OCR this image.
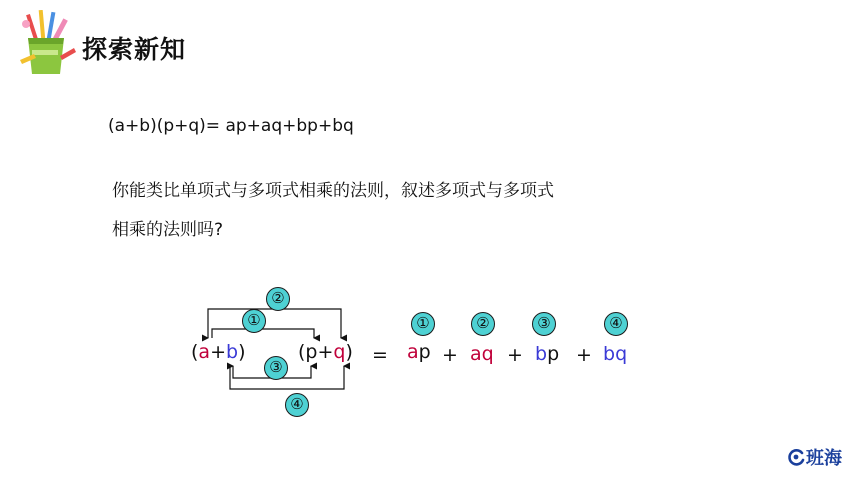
探索新知
(a+b)(p+q)= ap+aq+bp+bq
你能类比单项式与多项式相乘的法则，叙述多项式与多项式
相乘的法则吗?
(a+b)	(p+q) = ap + aq + bp + bq
②
①
③
④
①	②	③	④
班海
